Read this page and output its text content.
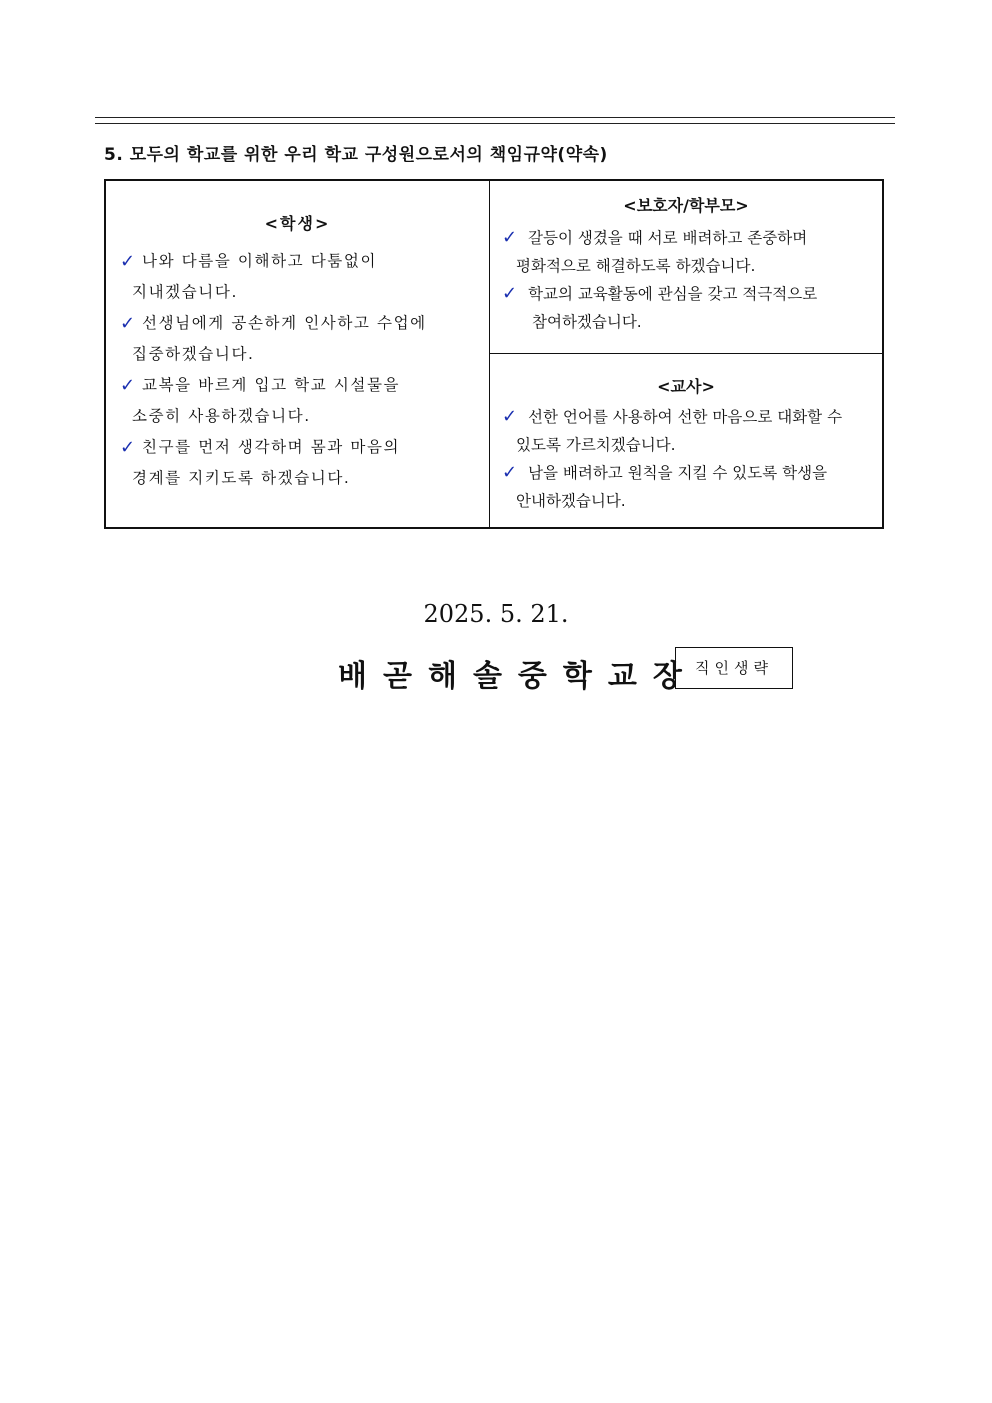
5. 모두의 학교를 위한 우리 학교 구성원으로서의 책임규약(약속)
<학생>
✓ 나와 다름을 이해하고 다툼없이
지내겠습니다.
✓ 선생님에게 공손하게 인사하고 수업에
집중하겠습니다.
✓ 교복을 바르게 입고 학교 시설물을
소중히 사용하겠습니다.
✓ 친구를 먼저 생각하며 몸과 마음의
경계를 지키도록 하겠습니다.
<보호자/학부모>
✓ 갈등이 생겼을 때 서로 배려하고 존중하며
평화적으로 해결하도록 하겠습니다.
✓ 학교의 교육활동에 관심을 갖고 적극적으로
참여하겠습니다.
<교사>
✓ 선한 언어를 사용하여 선한 마음으로 대화할 수
있도록 가르치겠습니다.
✓ 남을 배려하고 원칙을 지킬 수 있도록 학생을
안내하겠습니다.
2025. 5. 21.
배곧해솔중학교장
직인생략
